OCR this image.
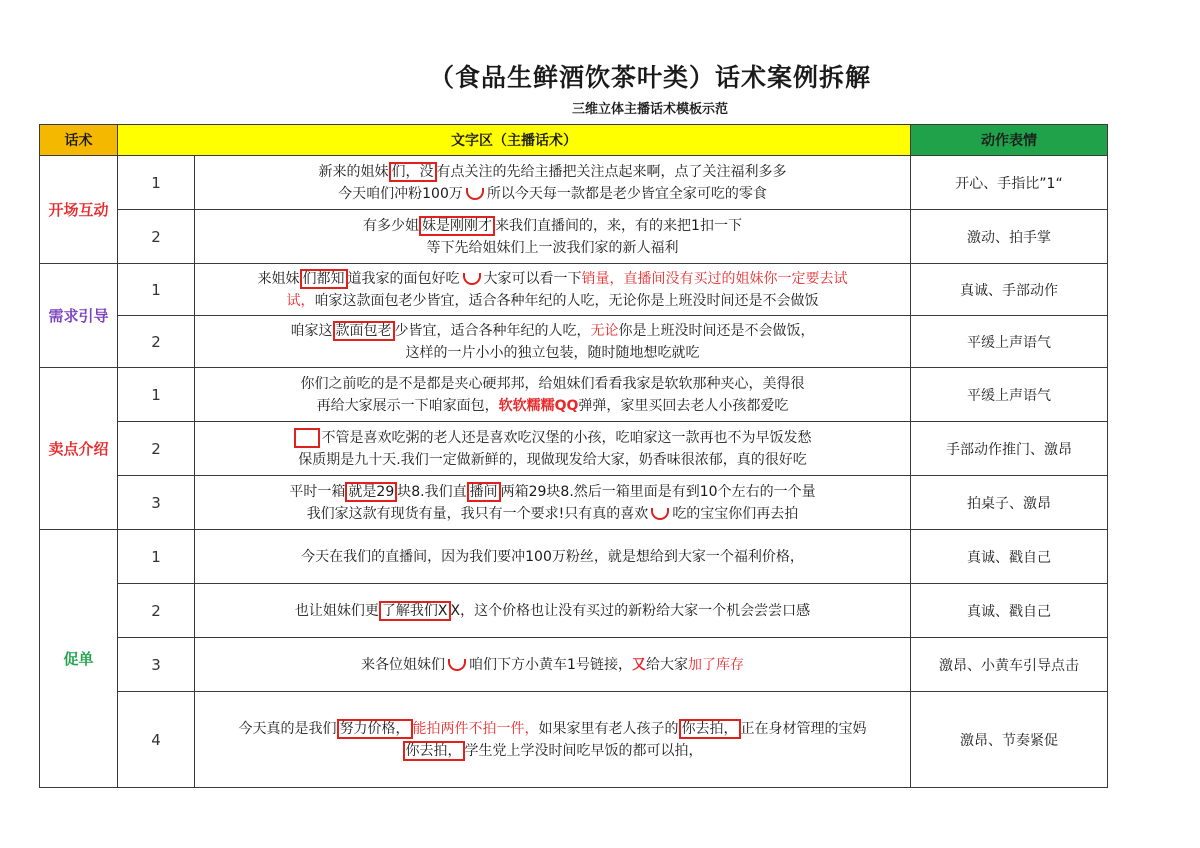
（食品生鲜酒饮茶叶类）话术案例拆解
三维立体主播话术模板示范
话术	文字区（主播话术）		动作表情
开场互动	1	新来的姐妹 们，没 有点关注的先给主播把关注点起来啊，点了关注福利多多
今天咱们冲粉100万 所以今天每一款都是老少皆宜全家可吃的零食	开心、手指比”1“
	2	有多少姐 妹是刚刚才 来我们直播间的，来，有的来把1扣一下
等下先给姐妹们上一波我们家的新人福利	激动、拍手掌
需求引导	1	来姐妹 们都知 道我家的面包好吃 大家可以看一下销量，直播间没有买过的姐妹你一定要去试
试，咱家这款面包老少皆宜，适合各种年纪的人吃，无论你是上班没时间还是不会做饭	真诚、手部动作
	2	咱家这 款面包老 少皆宜，适合各种年纪的人吃，无论你是上班没时间还是不会做饭，
这样的一片小小的独立包装，随时随地想吃就吃	平缓上声语气
卖点介绍	1	你们之前吃的是不是都是夹心硬邦邦，给姐妹们看看我家是软软那种夹心，美得很
再给大家展示一下咱家面包，软软糯糯QQ弹弹，家里买回去老人小孩都爱吃	平缓上声语气
	2	不管是喜欢吃粥的老人还是喜欢吃汉堡的小孩，吃咱家这一款再也不为早饭发愁
保质期是九十天.我们一定做新鲜的，现做现发给大家，奶香味很浓郁，真的很好吃	手部动作推门、激昂
	3	平时一箱 就是29 块8.我们直 播间 两箱29块8.然后一箱里面是有到10个左右的一个量
我们家这款有现货有量，我只有一个要求!只有真的喜欢 吃的宝宝你们再去拍	拍桌子、激昂
促单	1	今天在我们的直播间，因为我们要冲100万粉丝，就是想给到大家一个福利价格，	真诚、戳自己
	2	也让姐妹们更 了解我们X X，这个价格也让没有买过的新粉给大家一个机会尝尝口感	真诚、戳自己
	3	来各位姐妹们 咱们下方小黄车1号链接，又给大家加了库存	激昂、小黄车引导点击
	4	今天真的是我们 努力价格， 能拍两件不拍一件，如果家里有老人孩子的 你去拍， 正在身材管理的宝妈
你去拍， 学生党上学没时间吃早饭的都可以拍，	激昂、节奏紧促
